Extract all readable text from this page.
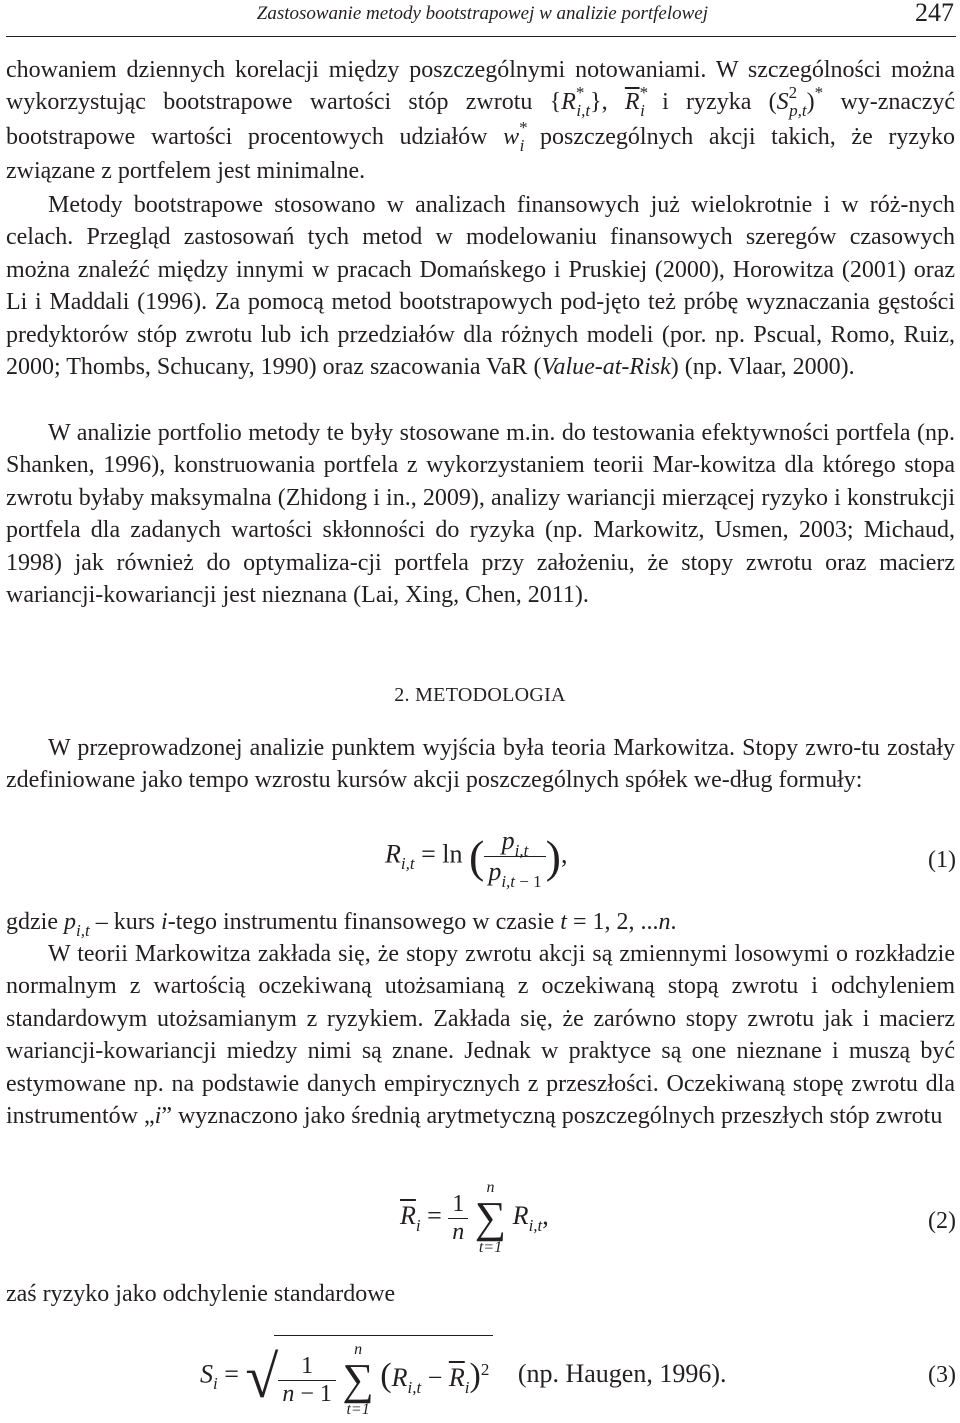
Zastosowanie metody bootstrapowej w analizie portfelowej	247
chowaniem dziennych korelacji między poszczególnymi notowaniami. W szczególności można wykorzystując bootstrapowe wartości stóp zwrotu $\{R^*_{i,t}\}$, $\overline{R}^*_i$ i ryzyka $(S^2_{p,t})^*$ wy-znaczyć bootstrapowe wartości procentowych udziałów $w^*_i$ poszczególnych akcji takich, że ryzyko związane z portfelem jest minimalne.
Metody bootstrapowe stosowano w analizach finansowych już wielokrotnie i w róż-nych celach. Przegląd zastosowań tych metod w modelowaniu finansowych szeregów czasowych można znaleźć między innymi w pracach Domańskego i Pruskiej (2000), Horowitza (2001) oraz Li i Maddali (1996). Za pomocą metod bootstrapowych pod-jęto też próbę wyznaczania gęstości predyktorów stóp zwrotu lub ich przedziałów dla różnych modeli (por. np. Pscual, Romo, Ruiz, 2000; Thombs, Schucany, 1990) oraz szacowania VaR (Value-at-Risk) (np. Vlaar, 2000).
W analizie portfolio metody te były stosowane m.in. do testowania efektywności portfela (np. Shanken, 1996), konstruowania portfela z wykorzystaniem teorii Mar-kowitza dla którego stopa zwrotu byłaby maksymalna (Zhidong i in., 2009), analizy wariancji mierzącej ryzyko i konstrukcji portfela dla zadanych wartości skłonności do ryzyka (np. Markowitz, Usmen, 2003; Michaud, 1998) jak również do optymaliza-cji portfela przy założeniu, że stopy zwrotu oraz macierz wariancji-kowariancji jest nieznana (Lai, Xing, Chen, 2011).
2. METODOLOGIA
W przeprowadzonej analizie punktem wyjścia była teoria Markowitza. Stopy zwro-tu zostały zdefiniowane jako tempo wzrostu kursów akcji poszczególnych spółek we-dług formuły:
$R_{i,t} = \ln$ ( $\frac{p_{i,t}}{p_{i,t} _{- 1}}$ ),	(1)
gdzie $p_{i,t}$ – kurs i-tego instrumentu finansowego w czasie t = 1, 2, ...n.
W teorii Markowitza zakłada się, że stopy zwrotu akcji są zmiennymi losowymi o rozkładzie normalnym z wartością oczekiwaną utożsamianą z oczekiwaną stopą zwrotu i odchyleniem standardowym utożsamianym z ryzykiem. Zakłada się, że zarówno stopy zwrotu jak i macierz wariancji-kowariancji miedzy nimi są znane. Jednak w praktyce są one nieznane i muszą być estymowane np. na podstawie danych empirycznych z przeszłości. Oczekiwaną stopę zwrotu dla instrumentów „i” wyznaczono jako średnią arytmetyczną poszczególnych przeszłych stóp zwrotu
$\overline{R}_i = \frac{1}{n}$

n
∑
t=1
$R_{i,t}$,	(2)
zaś ryzyko jako odchylenie standardowe
$S_i$ = √ $\frac{1}{n - 1}$

n
∑
t=1
$(R_{i,t} - \overline{R}_i)^2$ (np. Haugen, 1996).	(3)
